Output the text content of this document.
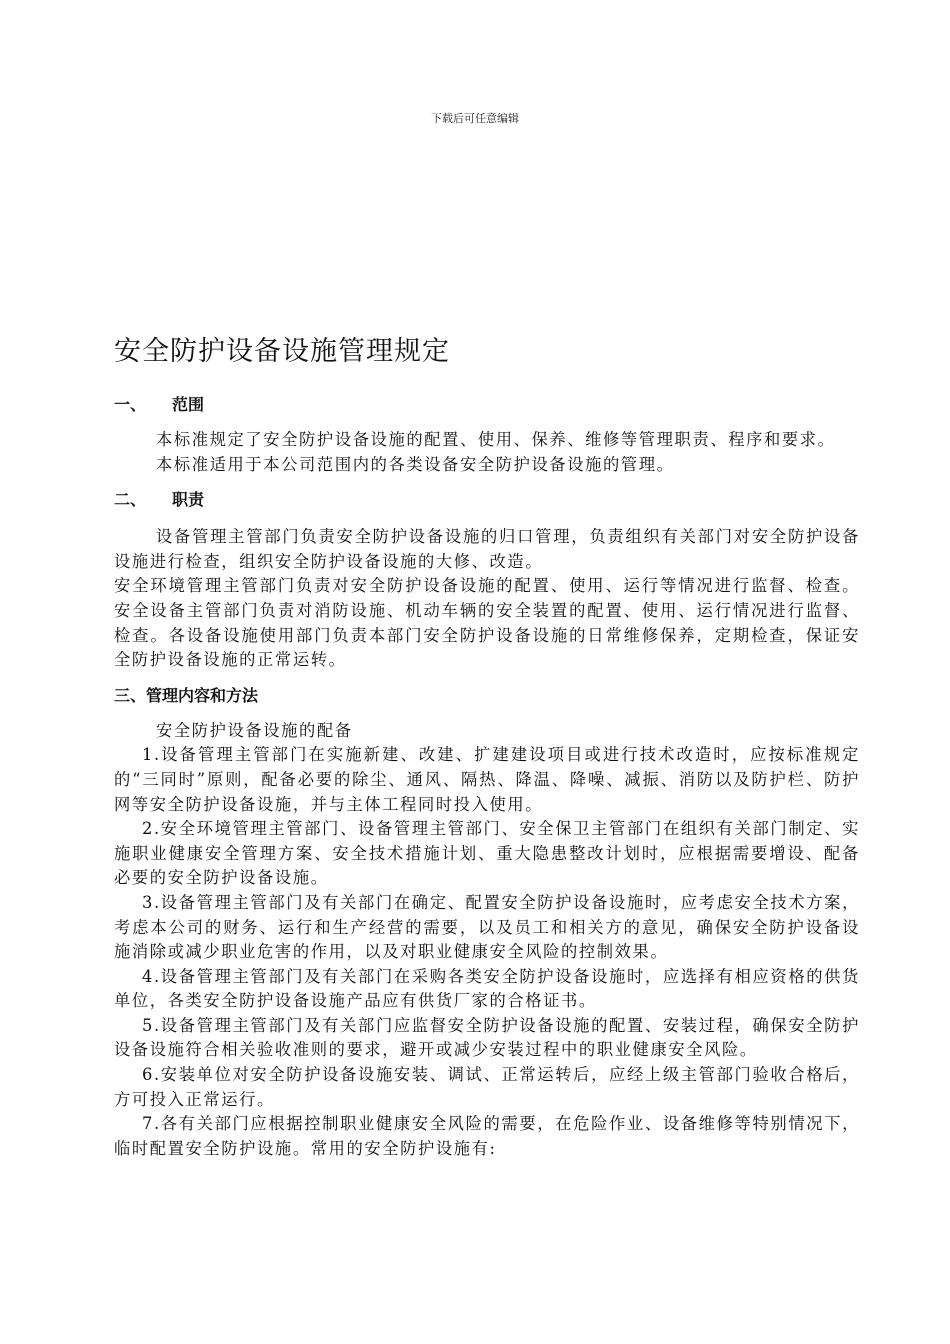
下载后可任意编辑
安全防护设备设施管理规定
一、 范围

本标准规定了安全防护设备设施的配置、使用、保养、维修等管理职责、程序和要求。

本标准适用于本公司范围内的各类设备安全防护设备设施的管理。

二、 职责

设备管理主管部门负责安全防护设备设施的归口管理，负责组织有关部门对安全防护设备设施进行检查，组织安全防护设备设施的大修、改造。

安全环境管理主管部门负责对安全防护设备设施的配置、使用、运行等情况进行监督、检查。安全设备主管部门负责对消防设施、机动车辆的安全装置的配置、使用、运行情况进行监督、检查。各设备设施使用部门负责本部门安全防护设备设施的日常维修保养，定期检查，保证安全防护设备设施的正常运转。

三、管理内容和方法

安全防护设备设施的配备

1.设备管理主管部门在实施新建、改建、扩建建设项目或进行技术改造时，应按标准规定的“三同时”原则，配备必要的除尘、通风、隔热、降温、降噪、减振、消防以及防护栏、防护网等安全防护设备设施，并与主体工程同时投入使用。

2.安全环境管理主管部门、设备管理主管部门、安全保卫主管部门在组织有关部门制定、实施职业健康安全管理方案、安全技术措施计划、重大隐患整改计划时，应根据需要增设、配备必要的安全防护设备设施。

3.设备管理主管部门及有关部门在确定、配置安全防护设备设施时，应考虑安全技术方案，考虑本公司的财务、运行和生产经营的需要，以及员工和相关方的意见，确保安全防护设备设施消除或减少职业危害的作用，以及对职业健康安全风险的控制效果。

4.设备管理主管部门及有关部门在采购各类安全防护设备设施时，应选择有相应资格的供货单位，各类安全防护设备设施产品应有供货厂家的合格证书。

5.设备管理主管部门及有关部门应监督安全防护设备设施的配置、安装过程，确保安全防护设备设施符合相关验收准则的要求，避开或减少安装过程中的职业健康安全风险。

6.安装单位对安全防护设备设施安装、调试、正常运转后，应经上级主管部门验收合格后，方可投入正常运行。

7.各有关部门应根据控制职业健康安全风险的需要，在危险作业、设备维修等特别情况下，临时配置安全防护设施。常用的安全防护设施有:
